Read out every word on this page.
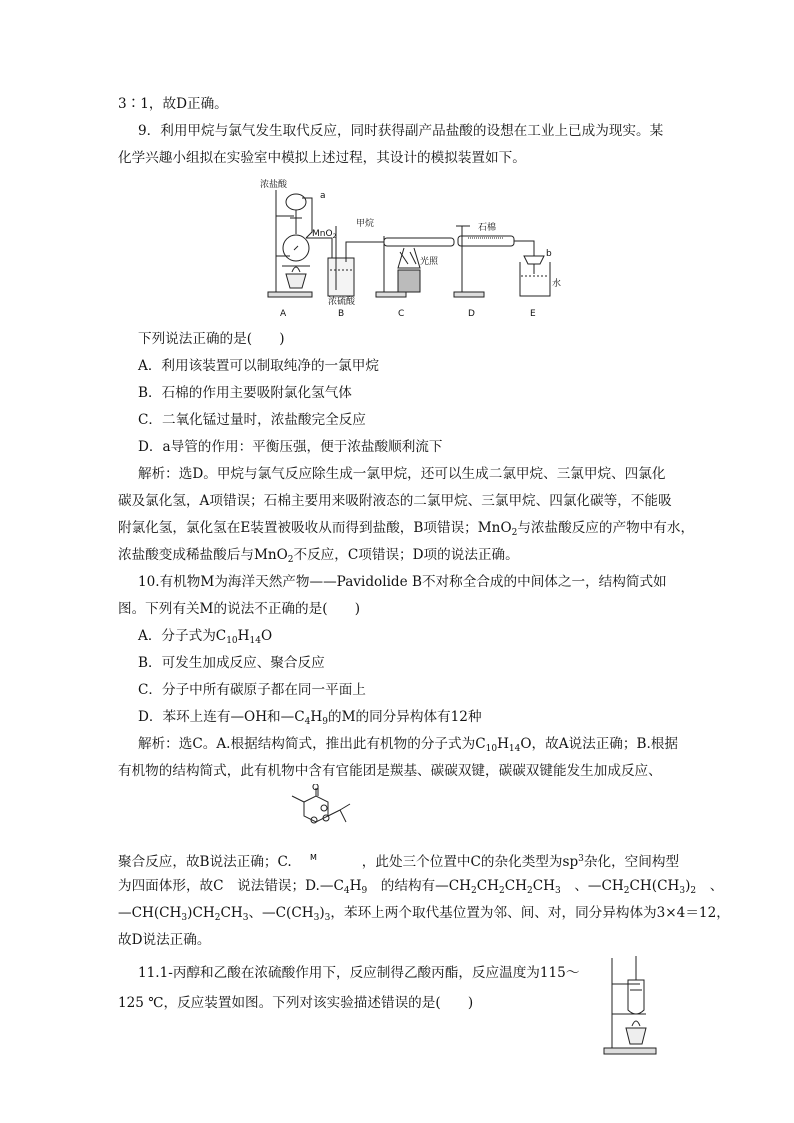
3∶1，故D正确。
9．利用甲烷与氯气发生取代反应，同时获得副产品盐酸的设想在工业上已成为现实。某
化学兴趣小组拟在实验室中模拟上述过程，其设计的模拟装置如下。
浓盐酸
a
MnO$_2$
甲烷
光照
石棉
b
水
浓硫酸
A	B	C	D	E
下列说法正确的是(　　)
A．利用该装置可以制取纯净的一氯甲烷
B．石棉的作用主要吸附氯化氢气体
C．二氧化锰过量时，浓盐酸完全反应
D．a导管的作用：平衡压强，便于浓盐酸顺利流下
解析：选D。甲烷与氯气反应除生成一氯甲烷，还可以生成二氯甲烷、三氯甲烷、四氯化
碳及氯化氢，A项错误；石棉主要用来吸附液态的二氯甲烷、三氯甲烷、四氯化碳等，不能吸
附氯化氢，氯化氢在E装置被吸收从而得到盐酸，B项错误；MnO$_2$与浓盐酸反应的产物中有水，
浓盐酸变成稀盐酸后与MnO$_2$不反应，C项错误；D项的说法正确。
10.有机物M为海洋天然产物——Pavidolide B不对称全合成的中间体之一，结构简式如
图。下列有关M的说法不正确的是(　　)
A．分子式为$C_{10}H_{14}O$
B．可发生加成反应、聚合反应
C．分子中所有碳原子都在同一平面上
D．苯环上连有—OH和$—C_4H_9$的M的同分异构体有12种
解析：选C。A.根据结构简式，推出此有机物的分子式为$C_{10}H_{14}O$，故A说法正确；B.根据
有机物的结构简式，此有机物中含有官能团是羰基、碳碳双键，碳碳双键能发生加成反应、
O
M
聚合反应，故B说法正确；C.	，此处三个位置中C的杂化类型为$sp^3$杂化，空间构型
为四面体形，故C　说法错误；$D.—C_4H_9$　的结构有$—CH_2CH_2CH_2CH_3$　、$—CH_2CH(CH_3)_2$　、
$—CH(CH_3)CH_2CH_3$、$—C(CH_3)_3$，苯环上两个取代基位置为邻、间、对，同分异构体为3×4＝12，
故D说法正确。
11.1-丙醇和乙酸在浓硫酸作用下，反应制得乙酸丙酯，反应温度为115～
125 ℃，反应装置如图。下列对该实验描述错误的是(　　)
